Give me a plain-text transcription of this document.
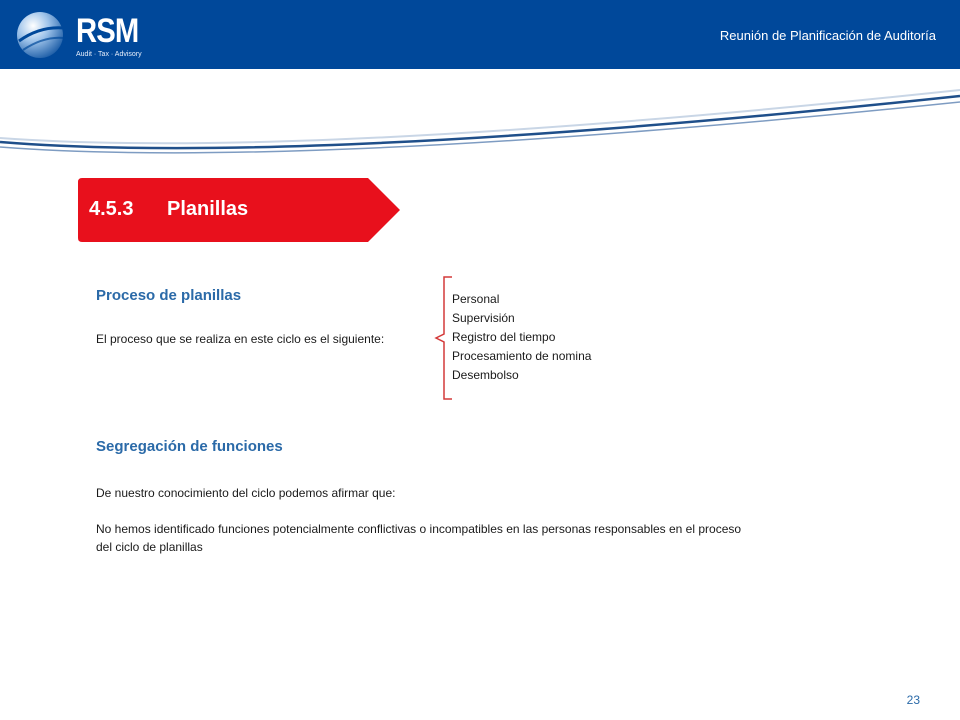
RSM
Audit · Tax · Advisory
Reunión de Planificación de Auditoría
4.5.3 Planillas
Proceso de planillas
El proceso que se realiza en este ciclo es el siguiente:
Personal
Supervisión
Registro del tiempo
Procesamiento de nomina
Desembolso
Segregación de funciones
De nuestro conocimiento del ciclo podemos afirmar que:
No hemos identificado funciones potencialmente conflictivas o incompatibles en las personas responsables en el proceso
del ciclo de planillas
23
